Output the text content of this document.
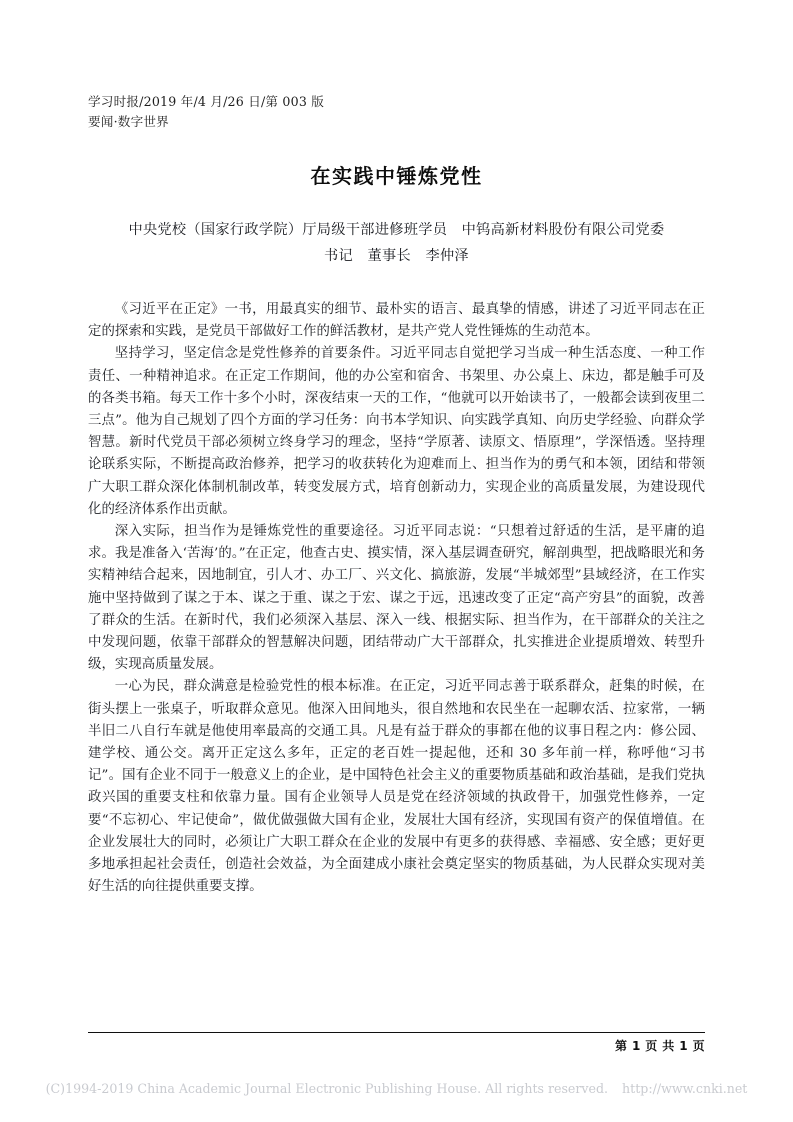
学习时报/2019 年/4 月/26 日/第 003 版
要闻·数字世界
在实践中锤炼党性
中央党校（国家行政学院）厅局级干部进修班学员　中钨高新材料股份有限公司党委
书记　董事长　李仲泽

《习近平在正定》一书，用最真实的细节、最朴实的语言、最真挚的情感，讲述了习近平同志在正定的探索和实践，是党员干部做好工作的鲜活教材，是共产党人党性锤炼的生动范本。

坚持学习，坚定信念是党性修养的首要条件。习近平同志自觉把学习当成一种生活态度、一种工作责任、一种精神追求。在正定工作期间，他的办公室和宿舍、书架里、办公桌上、床边，都是触手可及的各类书箱。每天工作十多个小时，深夜结束一天的工作，“他就可以开始读书了，一般都会读到夜里二三点”。他为自己规划了四个方面的学习任务：向书本学知识、向实践学真知、向历史学经验、向群众学智慧。新时代党员干部必须树立终身学习的理念，坚持“学原著、读原文、悟原理”，学深悟透。坚持理论联系实际，不断提高政治修养，把学习的收获转化为迎难而上、担当作为的勇气和本领，团结和带领广大职工群众深化体制机制改革，转变发展方式，培育创新动力，实现企业的高质量发展，为建设现代化的经济体系作出贡献。

深入实际，担当作为是锤炼党性的重要途径。习近平同志说：“只想着过舒适的生活，是平庸的追求。我是准备入‘苦海’的。”在正定，他查古史、摸实情，深入基层调查研究，解剖典型，把战略眼光和务实精神结合起来，因地制宜，引人才、办工厂、兴文化、搞旅游，发展“半城郊型”县域经济，在工作实施中坚持做到了谋之于本、谋之于重、谋之于宏、谋之于远，迅速改变了正定“高产穷县”的面貌，改善了群众的生活。在新时代，我们必须深入基层、深入一线、根据实际、担当作为，在干部群众的关注之中发现问题，依靠干部群众的智慧解决问题，团结带动广大干部群众，扎实推进企业提质增效、转型升级，实现高质量发展。

一心为民，群众满意是检验党性的根本标准。在正定，习近平同志善于联系群众，赶集的时候，在街头摆上一张桌子，听取群众意见。他深入田间地头，很自然地和农民坐在一起聊农活、拉家常，一辆半旧二八自行车就是他使用率最高的交通工具。凡是有益于群众的事都在他的议事日程之内：修公园、建学校、通公交。离开正定这么多年，正定的老百姓一提起他，还和 30 多年前一样，称呼他“习书记”。国有企业不同于一般意义上的企业，是中国特色社会主义的重要物质基础和政治基础，是我们党执政兴国的重要支柱和依靠力量。国有企业领导人员是党在经济领域的执政骨干，加强党性修养，一定要“不忘初心、牢记使命”，做优做强做大国有企业，发展壮大国有经济，实现国有资产的保值增值。在企业发展壮大的同时，必须让广大职工群众在企业的发展中有更多的获得感、幸福感、安全感；更好更多地承担起社会责任，创造社会效益，为全面建成小康社会奠定坚实的物质基础，为人民群众实现对美好生活的向往提供重要支撑。

第 1 页 共 1 页
(C)1994-2019 China Academic Journal Electronic Publishing House. All rights reserved. http://www.cnki.net
